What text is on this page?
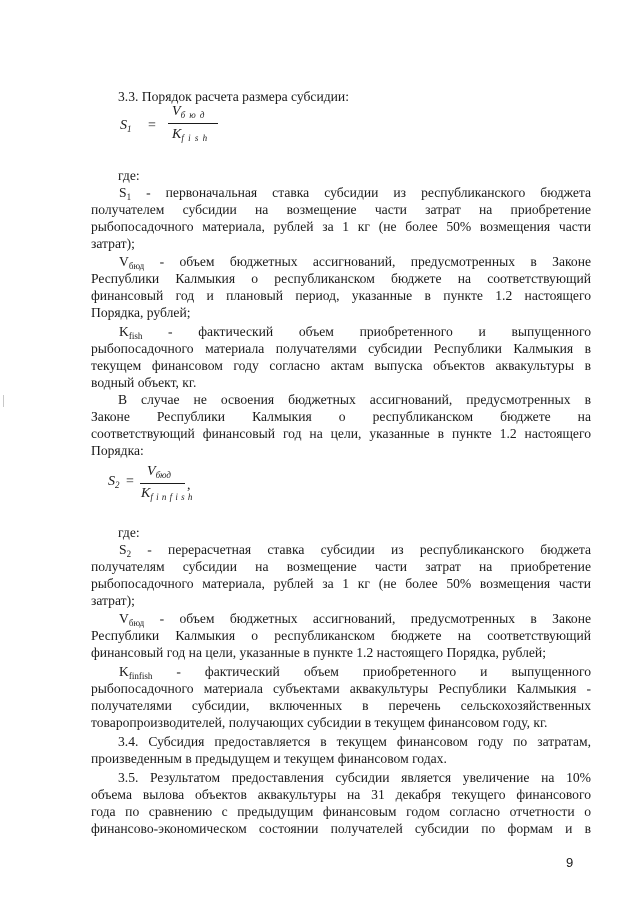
3.3. Порядок расчета размера субсидии:
$S_1$ =
$V_{б ю д}$
$K_{f i s h}$
где:
$S_1$ - первоначальная ставка субсидии из республиканского бюджета
получателем субсидии на возмещение части затрат на приобретение
рыбопосадочного материала, рублей за 1 кг (не более 50% возмещения части
затрат);
$V_{бюд}$ - объем бюджетных ассигнований, предусмотренных в Законе
Республики Калмыкия о республиканском бюджете на соответствующий
финансовый год и плановый период, указанные в пункте 1.2 настоящего
Порядка, рублей;
$K_{fish}$ - фактический объем приобретенного и выпущенного
рыбопосадочного материала получателями субсидии Республики Калмыкия в
текущем финансовом году согласно актам выпуска объектов аквакультуры в
водный объект, кг.
В случае не освоения бюджетных ассигнований, предусмотренных в
Законе Республики Калмыкия о республиканском бюджете на
соответствующий финансовый год на цели, указанные в пункте 1.2 настоящего
Порядка:
$S_2$ =
$V_{бюд}$
$K_{f i n f i s h}$
,
где:
$S_2$ - перерасчетная ставка субсидии из республиканского бюджета
получателям субсидии на возмещение части затрат на приобретение
рыбопосадочного материала, рублей за 1 кг (не более 50% возмещения части
затрат);
$V_{бюд}$ - объем бюджетных ассигнований, предусмотренных в Законе
Республики Калмыкия о республиканском бюджете на соответствующий
финансовый год на цели, указанные в пункте 1.2 настоящего Порядка, рублей;
$K_{finfish}$ - фактический объем приобретенного и выпущенного
рыбопосадочного материала субъектами аквакультуры Республики Калмыкия -
получателями субсидии, включенных в перечень сельскохозяйственных
товаропроизводителей, получающих субсидии в текущем финансовом году, кг.
3.4. Субсидия предоставляется в текущем финансовом году по затратам,
произведенным в предыдущем и текущем финансовом годах.
3.5. Результатом предоставления субсидии является увеличение на 10%
объема вылова объектов аквакультуры на 31 декабря текущего финансового
года по сравнению с предыдущим финансовым годом согласно отчетности о
финансово-экономическом состоянии получателей субсидии по формам и в
9
